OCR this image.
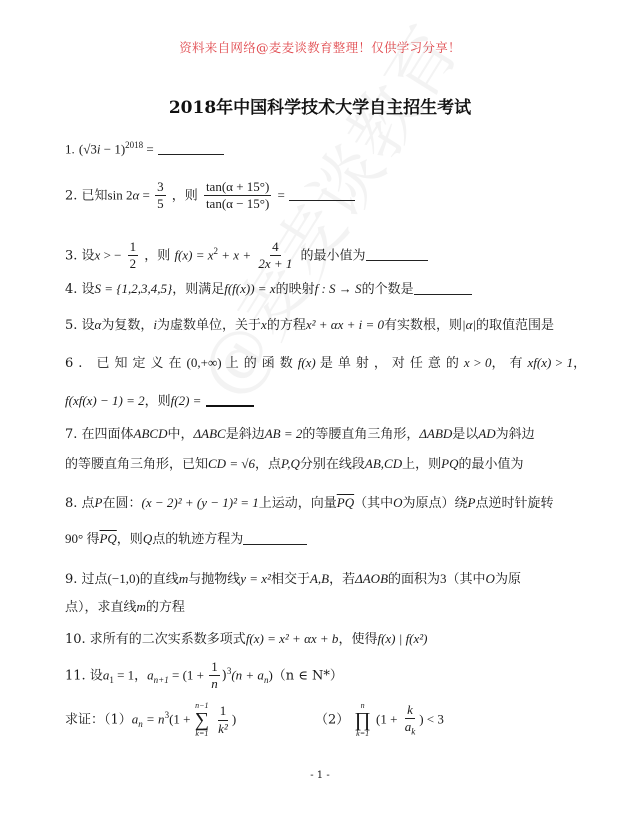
资料来自网络@麦麦谈教育整理！仅供学习分享！
2018年中国科学技术大学自主招生考试
1. $(√3i - 1)^{2018}$ =
2. 已知$\sin 2\alpha = \frac{3}{5}$ ，则 $\frac{\tan(\alpha + 15^\circ)}{\tan(\alpha - 15^\circ)}$ =
3. 设x > − $\frac{1}{2}$ ，则 $f(x) = x^2 + x + \frac{4}{2x + 1}$ 的最小值为
4. 设S = {1,2,3,4,5}，则满足f(f(x)) = x的映射f : S → S的个数是
5. 设α为复数，i为虚数单位，关于x的方程x² + αx + i = 0有实数根，则|α|的取值范围是
6. 已知定义在(0,+∞) 上的函数f(x) 是单射，对任意的x > 0，有xf(x) > 1，
f(xf(x) − 1) = 2，则f(2) =
7. 在四面体ABCD中，ΔABC是斜边AB = 2的等腰直角三角形，ΔABD是以AD为斜边
的等腰直角三角形，已知CD = √6，点P,Q分别在线段AB,CD上，则PQ的最小值为
8. 点P在圆：(x − 2)² + (y − 1)² = 1上运动，向量$\overline{PQ}$（其中O为原点）绕P点逆时针旋转
90° 得$\overline{PQ}$，则Q点的轨迹方程为
9. 过点(−1,0)的直线m与抛物线y = x²相交于A,B，若ΔAOB的面积为3（其中O为原
点），求直线m的方程
10. 求所有的二次实系数多项式f(x) = x² + αx + b，使得f(x) | f(x²)
11. 设$a_1 = 1$，$a_{n+1} = (1 + \frac{1}{n} )^3(n + a_n)(n$ ∈ N*）
求证：$(1)a_n = n^3(1$ +
n−1
∑
k=1
$\frac{1}{\text{k²}}$ )	（2）
n
∏
k=1
($1 + \frac{k}{a_k}$ ) < 3
- 1 -
